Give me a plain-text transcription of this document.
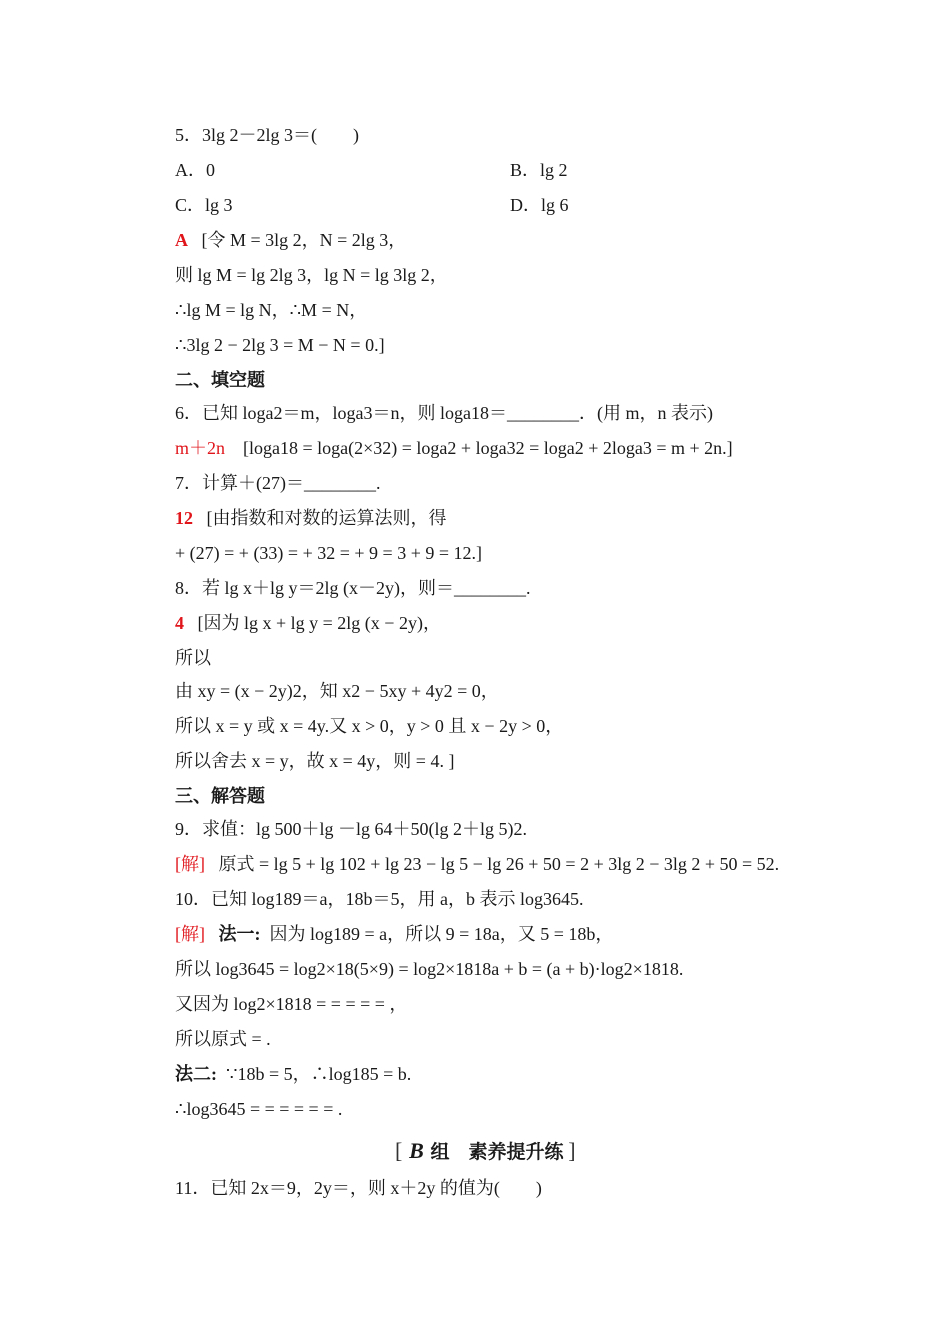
5．3lg 2－2lg 3＝(　　)
A．0	B．lg 2
C．lg 3	D．lg 6
A [令 M = 3lg 2，N = 2lg 3，
则 lg M = lg 2lg 3，lg N = lg 3lg 2，
∴lg M = lg N，∴M = N，
∴3lg 2 − 2lg 3 = M − N = 0.]
二、填空题
6．已知 loga2＝m，loga3＝n，则 loga18＝________．(用 m，n 表示)
m＋2n [loga18 = loga(2×32) = loga2 + loga32 = loga2 + 2loga3 = m + 2n.]
7．计算＋(27)＝________.
12 [由指数和对数的运算法则，得
+ (27) = + (33) = + 32 = + 9 = 3 + 9 = 12.]
8．若 lg x＋lg y＝2lg (x－2y)，则＝________.
4 [因为 lg x + lg y = 2lg (x − 2y)，
所以
由 xy = (x − 2y)2，知 x2 − 5xy + 4y2 = 0，
所以 x = y 或 x = 4y.又 x > 0，y > 0 且 x − 2y > 0，
所以舍去 x = y，故 x = 4y，则 = 4. ]
三、解答题
9．求值：lg 500＋lg －lg 64＋50(lg 2＋lg 5)2.
[解] 原式 = lg 5 + lg 102 + lg 23 − lg 5 − lg 26 + 50 = 2 + 3lg 2 − 3lg 2 + 50 = 52.
10．已知 log189＝a，18b＝5，用 a，b 表示 log3645.
[解] 法一: 因为 log189 = a，所以 9 = 18a，又 5 = 18b，
所以 log3645 = log2×18(5×9) = log2×1818a + b = (a + b)·log2×1818.
又因为 log2×1818 = = = = = ，
所以原式 = .
法二: ∵18b = 5，∴log185 = b.
∴log3645 = = = = = = .
[ B 组　素养提升练 ]
11．已知 2x＝9，2y＝，则 x＋2y 的值为(　　)
